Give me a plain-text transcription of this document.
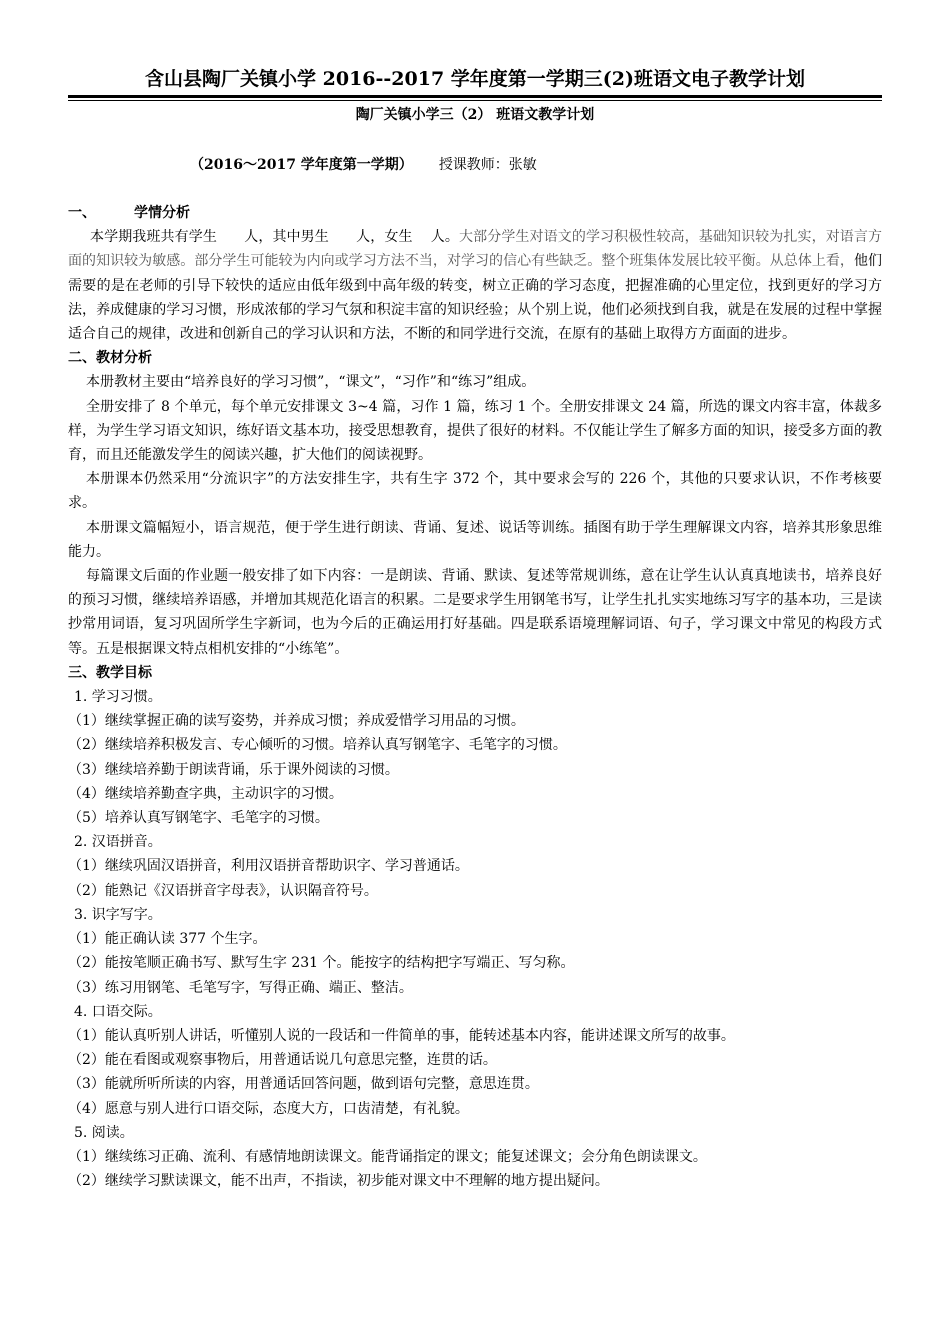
含山县陶厂关镇小学 2016--2017 学年度第一学期三(2)班语文电子教学计划
陶厂关镇小学三（2） 班语文教学计划
（2016～2017 学年度第一学期） 授课教师：张敏

一、	学情分析

本学期我班共有学生      人，其中男生      人，女生    人。大部分学生对语文的学习积极性较高，基础知识较为扎实，对语言方面的知识较为敏感。部分学生可能较为内向或学习方法不当，对学习的信心有些缺乏。整个班集体发展比较平衡。从总体上看，他们需要的是在老师的引导下较快的适应由低年级到中高年级的转变，树立正确的学习态度，把握准确的心里定位，找到更好的学习方法，养成健康的学习习惯，形成浓郁的学习气氛和积淀丰富的知识经验；从个别上说，他们必须找到自我，就是在发展的过程中掌握适合自己的规律，改进和创新自己的学习认识和方法，不断的和同学进行交流，在原有的基础上取得方方面面的进步。

二、教材分析

本册教材主要由“培养良好的学习习惯”，“课文”，“习作”和“练习”组成。

全册安排了 8 个单元，每个单元安排课文 3~4 篇，习作 1 篇，练习 1 个。全册安排课文 24 篇，所选的课文内容丰富，体裁多样，为学生学习语文知识，练好语文基本功，接受思想教育，提供了很好的材料。不仅能让学生了解多方面的知识，接受多方面的教育，而且还能激发学生的阅读兴趣，扩大他们的阅读视野。

本册课本仍然采用“分流识字”的方法安排生字，共有生字 372 个，其中要求会写的 226 个，其他的只要求认识，不作考核要求。

本册课文篇幅短小，语言规范，便于学生进行朗读、背诵、复述、说话等训练。插图有助于学生理解课文内容，培养其形象思维能力。

每篇课文后面的作业题一般安排了如下内容：一是朗读、背诵、默读、复述等常规训练，意在让学生认认真真地读书，培养良好的预习习惯，继续培养语感，并增加其规范化语言的积累。二是要求学生用钢笔书写，让学生扎扎实实地练习写字的基本功，三是读抄常用词语，复习巩固所学生字新词，也为今后的正确运用打好基础。四是联系语境理解词语、句子，学习课文中常见的构段方式等。五是根据课文特点相机安排的“小练笔”。

三、教学目标

1. 学习习惯。

（1）继续掌握正确的读写姿势，并养成习惯；养成爱惜学习用品的习惯。

（2）继续培养积极发言、专心倾听的习惯。培养认真写钢笔字、毛笔字的习惯。

（3）继续培养勤于朗读背诵，乐于课外阅读的习惯。

（4）继续培养勤查字典，主动识字的习惯。

（5）培养认真写钢笔字、毛笔字的习惯。

2. 汉语拼音。

（1）继续巩固汉语拼音，利用汉语拼音帮助识字、学习普通话。

（2）能熟记《汉语拼音字母表》，认识隔音符号。

3. 识字写字。

（1）能正确认读 377 个生字。

（2）能按笔顺正确书写、默写生字 231 个。能按字的结构把字写端正、写匀称。

（3）练习用钢笔、毛笔写字，写得正确、端正、整洁。

4. 口语交际。

（1）能认真听别人讲话，听懂别人说的一段话和一件简单的事，能转述基本内容，能讲述课文所写的故事。

（2）能在看图或观察事物后，用普通话说几句意思完整，连贯的话。

（3）能就所听所读的内容，用普通话回答问题，做到语句完整，意思连贯。

（4）愿意与别人进行口语交际，态度大方，口齿清楚，有礼貌。

5. 阅读。

（1）继续练习正确、流利、有感情地朗读课文。能背诵指定的课文；能复述课文；会分角色朗读课文。

（2）继续学习默读课文，能不出声，不指读，初步能对课文中不理解的地方提出疑问。
